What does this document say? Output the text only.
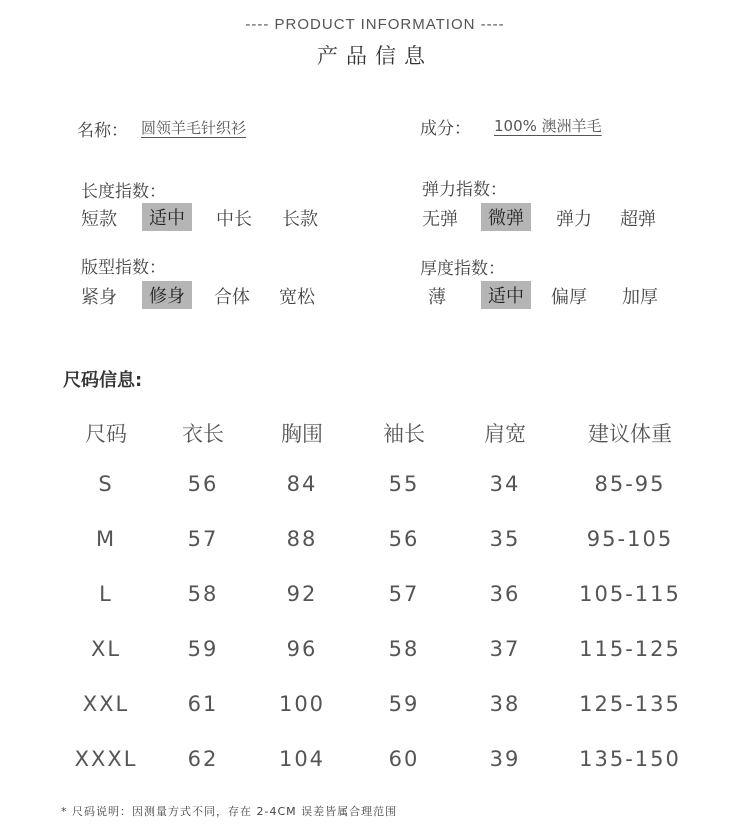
---- PRODUCT INFORMATION ----
产品信息
名称： 圆领羊毛针织衫	成分： 100% 澳洲羊毛
长度指数：
短款	适中	中长 长款
弹力指数：
无弹	微弹	弹力 超弹
版型指数：
紧身	修身	合体 宽松
厚度指数：
薄	适中	偏厚 加厚
尺码信息:
尺码	衣长	胸围	袖长	肩宽	建议体重
S	56	84	55	34	85-95
M	57	88	56	35	95-105
L	58	92	57	36	105-115
XL	59	96	58	37	115-125
XXL	61	100	59	38	125-135
XXXL	62	104	60	39	135-150
* 尺码说明：因测量方式不同，存在 2-4CM 误差皆属合理范围
